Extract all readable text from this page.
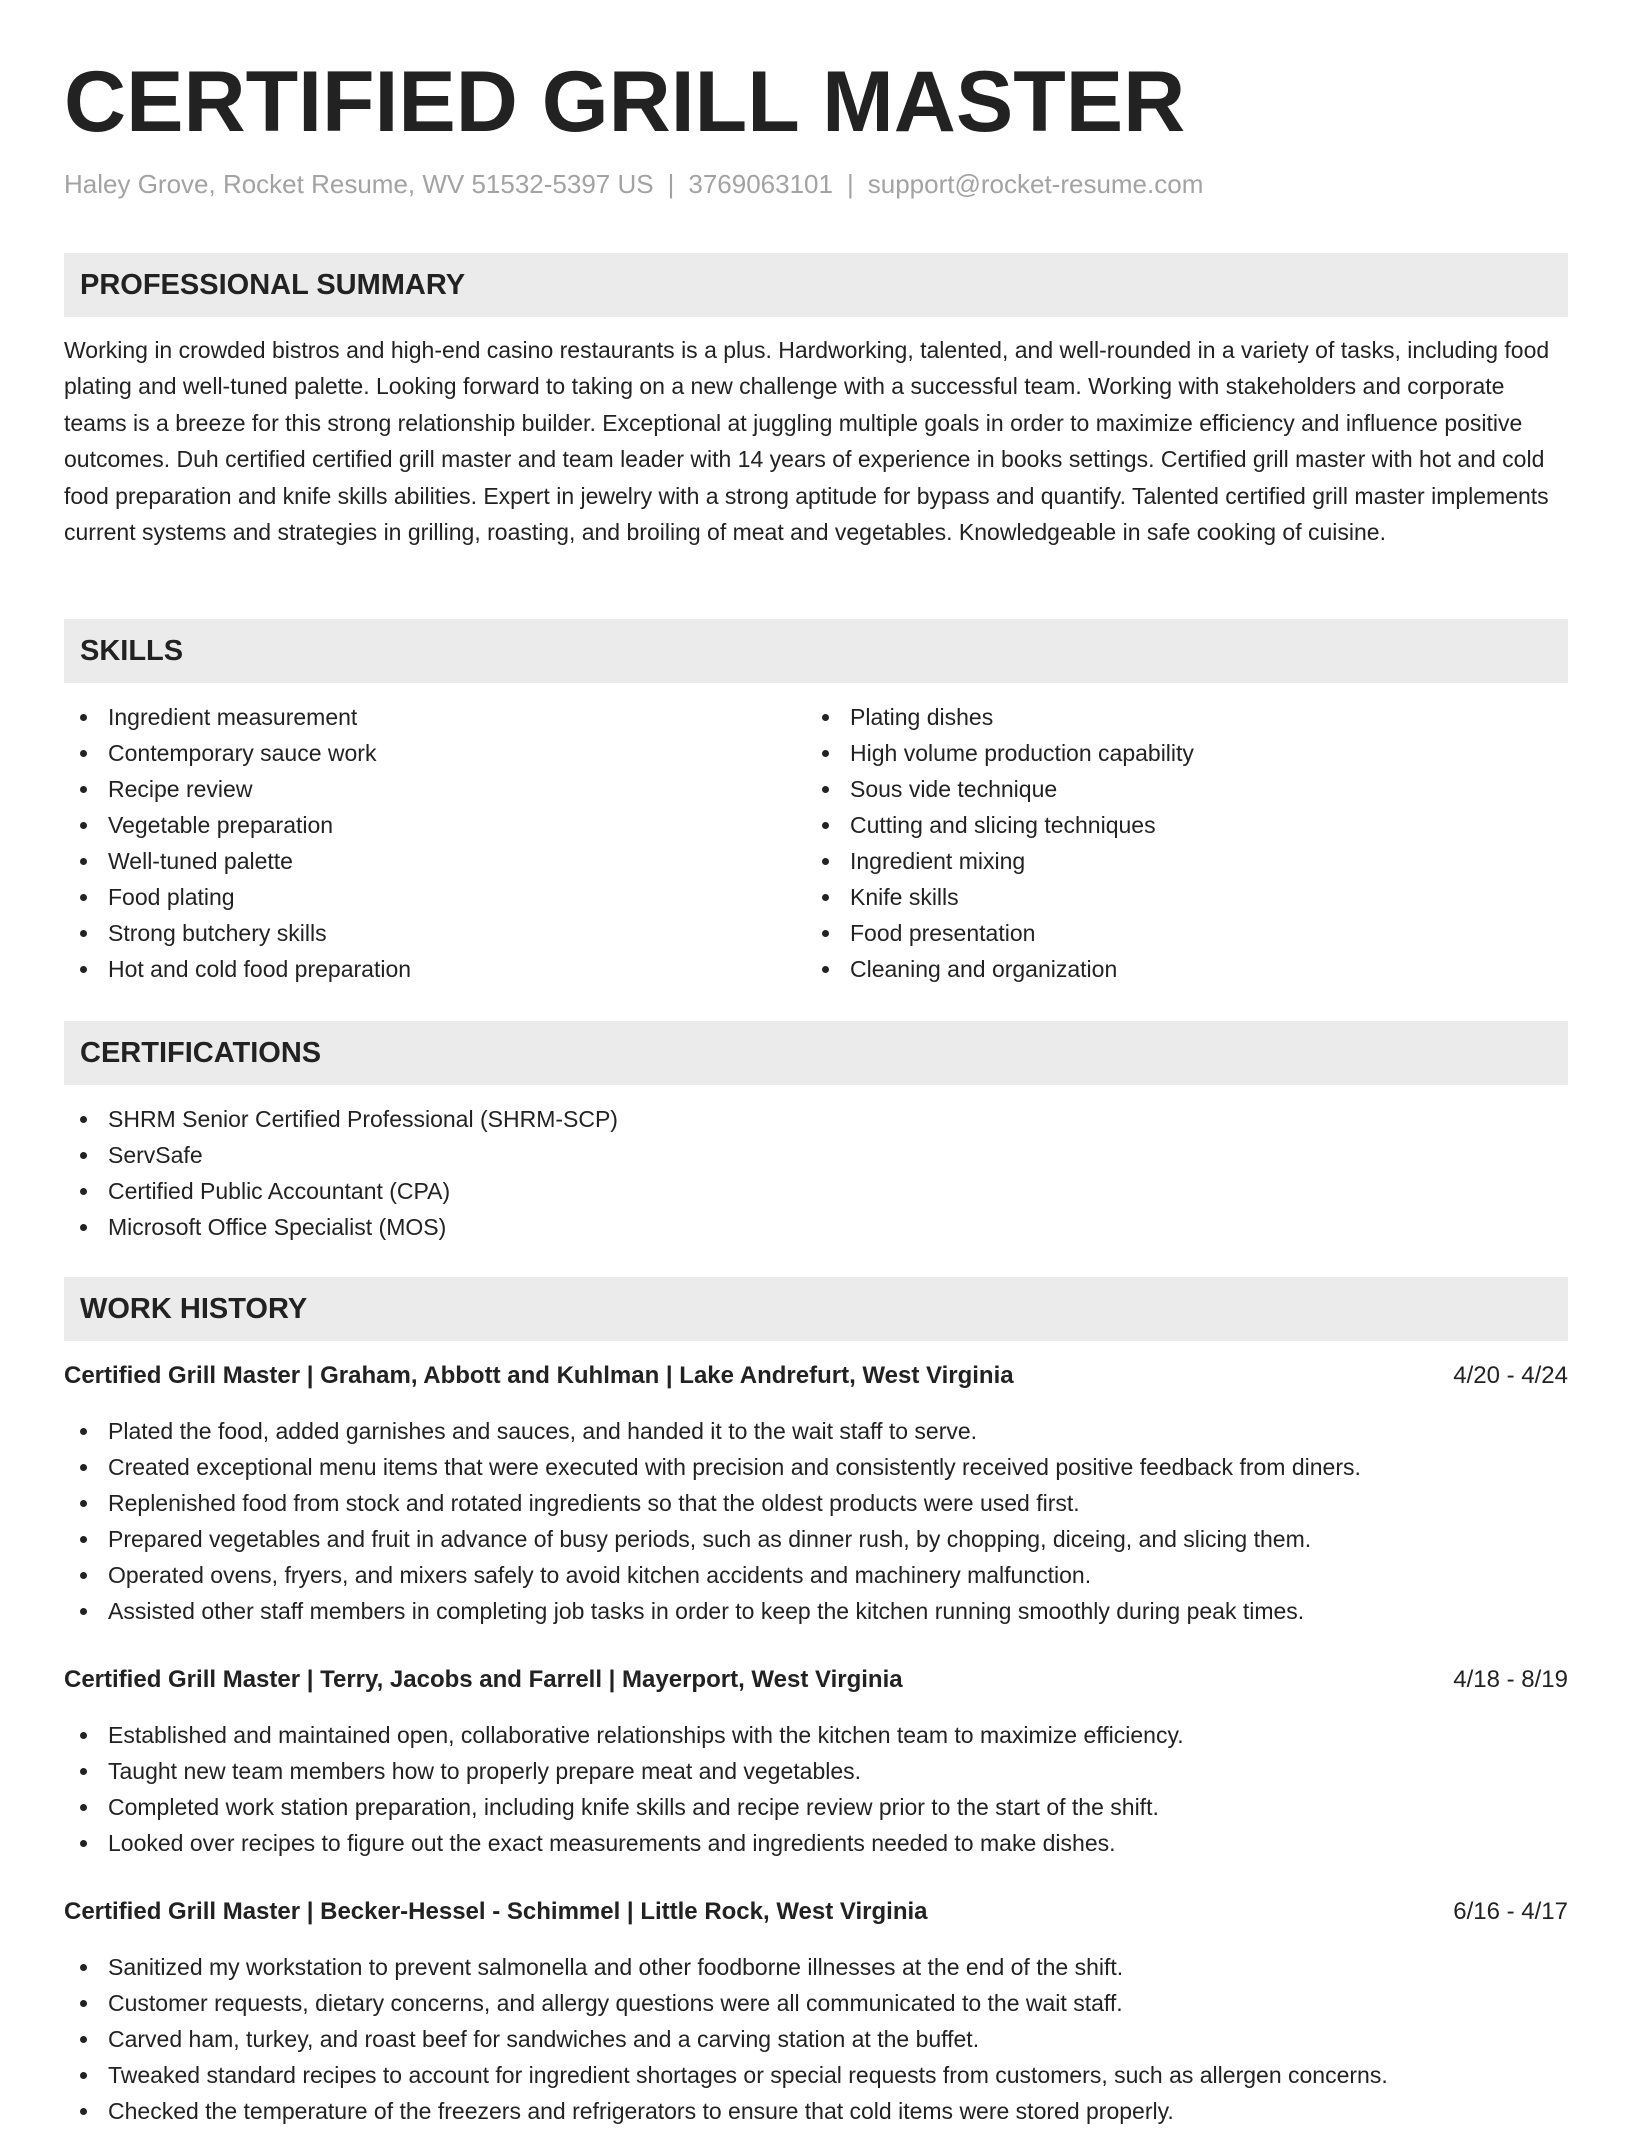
CERTIFIED GRILL MASTER
Haley Grove, Rocket Resume, WV 51532-5397 US | 3769063101 | support@rocket-resume.com
PROFESSIONAL SUMMARY

Working in crowded bistros and high-end casino restaurants is a plus. Hardworking, talented, and well-rounded in a variety of tasks, including food plating and well-tuned palette. Looking forward to taking on a new challenge with a successful team. Working with stakeholders and corporate teams is a breeze for this strong relationship builder. Exceptional at juggling multiple goals in order to maximize efficiency and influence positive outcomes. Duh certified certified grill master and team leader with 14 years of experience in books settings. Certified grill master with hot and cold food preparation and knife skills abilities. Expert in jewelry with a strong aptitude for bypass and quantify. Talented certified grill master implements current systems and strategies in grilling, roasting, and broiling of meat and vegetables. Knowledgeable in safe cooking of cuisine.

SKILLS
Ingredient measurement
Contemporary sauce work
Recipe review
Vegetable preparation
Well-tuned palette
Food plating
Strong butchery skills
Hot and cold food preparation
Plating dishes
High volume production capability
Sous vide technique
Cutting and slicing techniques
Ingredient mixing
Knife skills
Food presentation
Cleaning and organization
CERTIFICATIONS
SHRM Senior Certified Professional (SHRM-SCP)
ServSafe
Certified Public Accountant (CPA)
Microsoft Office Specialist (MOS)
WORK HISTORY
Certified Grill Master | Graham, Abbott and Kuhlman | Lake Andrefurt, West Virginia	4/20 - 4/24
Plated the food, added garnishes and sauces, and handed it to the wait staff to serve.
Created exceptional menu items that were executed with precision and consistently received positive feedback from diners.
Replenished food from stock and rotated ingredients so that the oldest products were used first.
Prepared vegetables and fruit in advance of busy periods, such as dinner rush, by chopping, diceing, and slicing them.
Operated ovens, fryers, and mixers safely to avoid kitchen accidents and machinery malfunction.
Assisted other staff members in completing job tasks in order to keep the kitchen running smoothly during peak times.
Certified Grill Master | Terry, Jacobs and Farrell | Mayerport, West Virginia	4/18 - 8/19
Established and maintained open, collaborative relationships with the kitchen team to maximize efficiency.
Taught new team members how to properly prepare meat and vegetables.
Completed work station preparation, including knife skills and recipe review prior to the start of the shift.
Looked over recipes to figure out the exact measurements and ingredients needed to make dishes.
Certified Grill Master | Becker-Hessel - Schimmel | Little Rock, West Virginia	6/16 - 4/17
Sanitized my workstation to prevent salmonella and other foodborne illnesses at the end of the shift.
Customer requests, dietary concerns, and allergy questions were all communicated to the wait staff.
Carved ham, turkey, and roast beef for sandwiches and a carving station at the buffet.
Tweaked standard recipes to account for ingredient shortages or special requests from customers, such as allergen concerns.
Checked the temperature of the freezers and refrigerators to ensure that cold items were stored properly.
